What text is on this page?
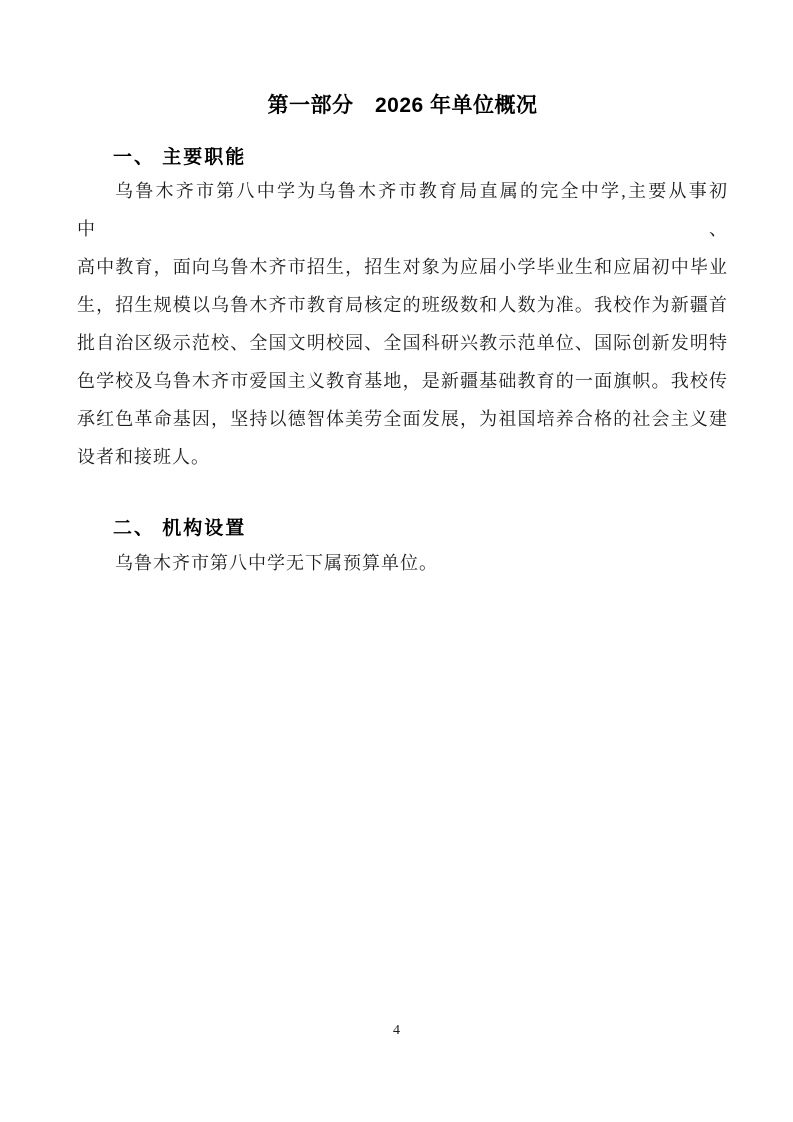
第一部分　2026 年单位概况
一、 主要职能
乌鲁木齐市第八中学为乌鲁木齐市教育局直属的完全中学,主要从事初中、
高中教育，面向乌鲁木齐市招生，招生对象为应届小学毕业生和应届初中毕业
生，招生规模以乌鲁木齐市教育局核定的班级数和人数为准。我校作为新疆首
批自治区级示范校、全国文明校园、全国科研兴教示范单位、国际创新发明特
色学校及乌鲁木齐市爱国主义教育基地，是新疆基础教育的一面旗帜。我校传
承红色革命基因，坚持以德智体美劳全面发展，为祖国培养合格的社会主义建
设者和接班人。
二、 机构设置
乌鲁木齐市第八中学无下属预算单位。
4
